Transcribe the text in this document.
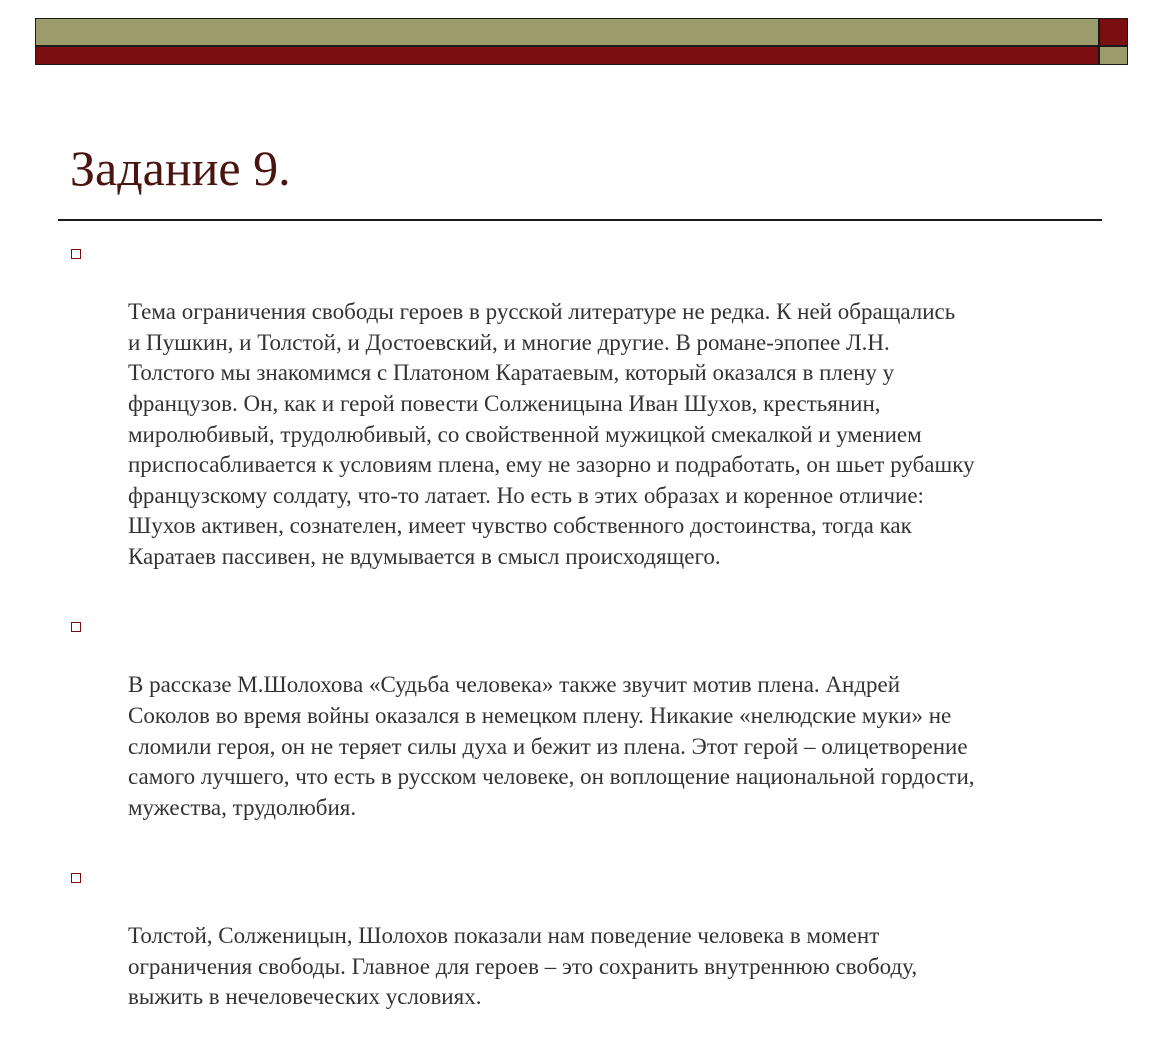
Задание 9.

Тема ограничения свободы героев в русской литературе не редка. К ней обращались
и Пушкин, и Толстой, и Достоевский, и многие другие. В романе-эпопее Л.Н.
Толстого мы знакомимся с Платоном Каратаевым, который оказался в плену у
французов. Он, как и герой повести Солженицына Иван Шухов, крестьянин,
миролюбивый, трудолюбивый, со свойственной мужицкой смекалкой и умением
приспосабливается к условиям плена, ему не зазорно и подработать, он шьет рубашку
французскому солдату, что-то латает. Но есть в этих образах и коренное отличие:
Шухов активен, сознателен, имеет чувство собственного достоинства, тогда как
Каратаев пассивен, не вдумывается в смысл происходящего.

В рассказе М.Шолохова «Судьба человека» также звучит мотив плена. Андрей
Соколов во время войны оказался в немецком плену. Никакие «нелюдские муки» не
сломили героя, он не теряет силы духа и бежит из плена. Этот герой – олицетворение
самого лучшего, что есть в русском человеке, он воплощение национальной гордости,
мужества, трудолюбия.

Толстой, Солженицын, Шолохов показали нам поведение человека в момент
ограничения свободы. Главное для героев – это сохранить внутреннюю свободу,
выжить в нечеловеческих условиях.
